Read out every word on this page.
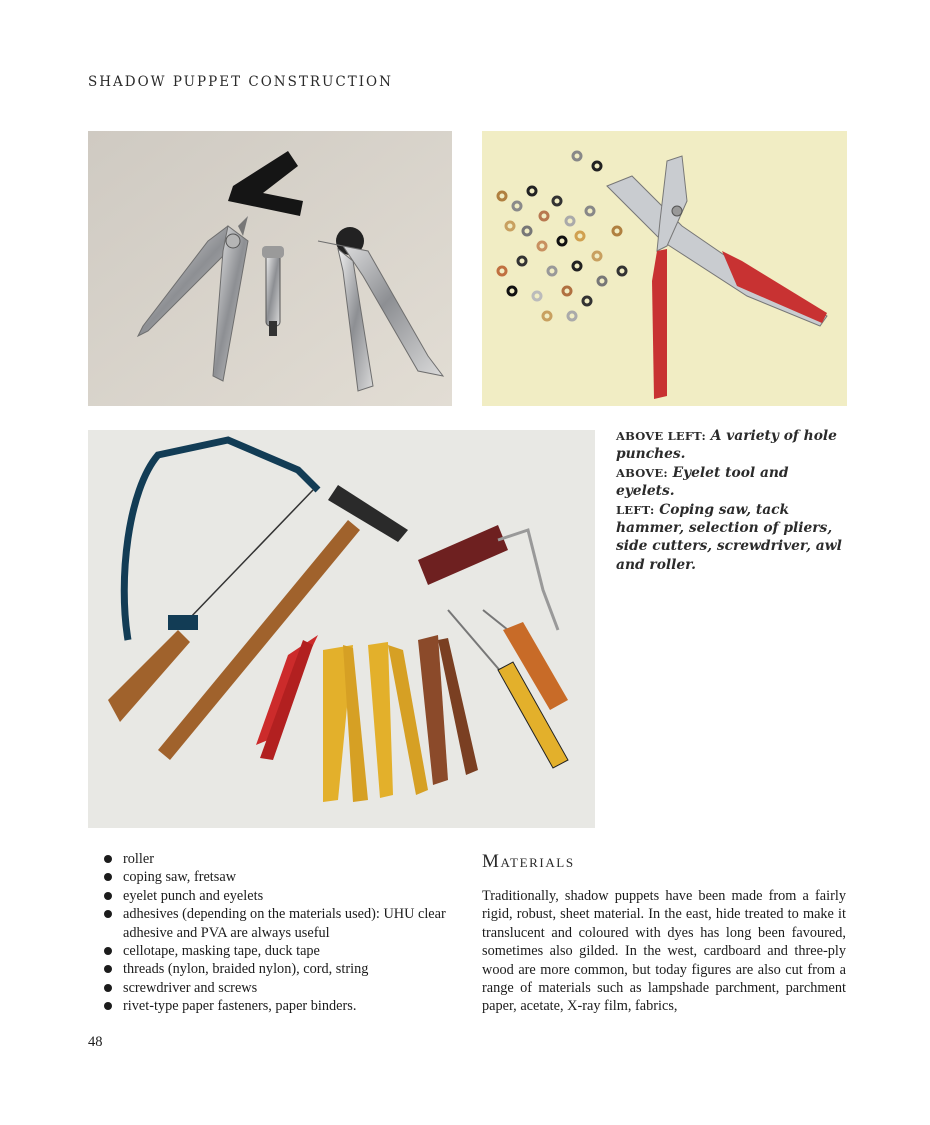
SHADOW PUPPET CONSTRUCTION
ABOVE LEFT: A variety of hole punches.
ABOVE: Eyelet tool and eyelets.
LEFT: Coping saw, tack hammer, selection of pliers, side cutters, screwdriver, awl and roller.
roller
coping saw, fretsaw
eyelet punch and eyelets
adhesives (depending on the materials used): UHU clear adhesive and PVA are always useful
cellotape, masking tape, duck tape
threads (nylon, braided nylon), cord, string
screwdriver and screws
rivet-type paper fasteners, paper binders.
Materials

Traditionally, shadow puppets have been made from a fairly rigid, robust, sheet material. In the east, hide treated to make it translucent and coloured with dyes has long been favoured, sometimes also gilded. In the west, cardboard and three-ply wood are more common, but today figures are also cut from a range of materials such as lampshade parchment, parchment paper, acetate, X-ray film, fabrics,

48
